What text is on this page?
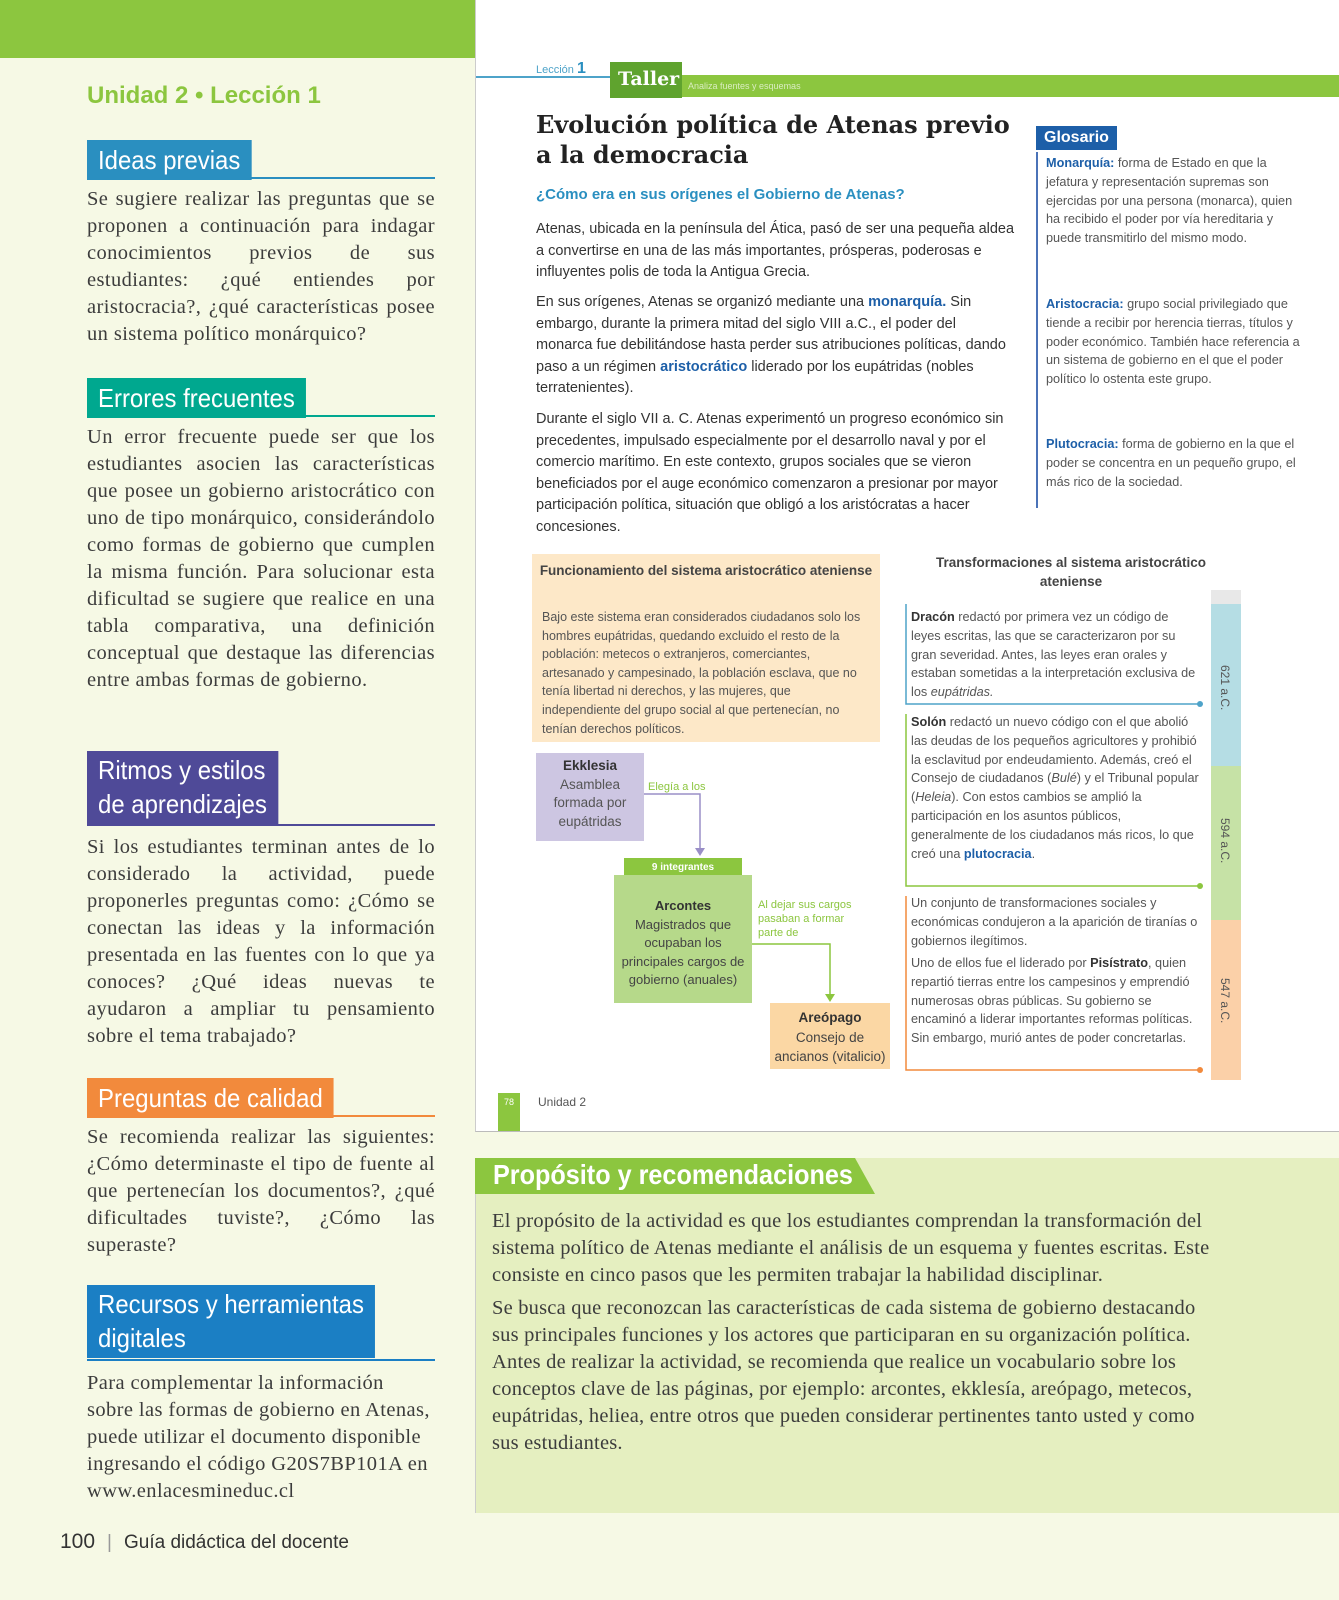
Unidad 2 • Lección 1
Ideas previas
Se sugiere realizar las preguntas que se proponen a continuación para indagar conocimientos previos de sus estudiantes: ¿qué entiendes por aristocracia?, ¿qué características posee un sistema político monárquico?
Errores frecuentes
Un error frecuente puede ser que los estudiantes asocien las características que posee un gobierno aristocrático con uno de tipo monárquico, considerándolo como formas de gobierno que cumplen la misma función. Para solucionar esta dificultad se sugiere que realice en una tabla comparativa, una definición conceptual que destaque las diferencias entre ambas formas de gobierno.
Ritmos y estilos
de aprendizajes
Si los estudiantes terminan antes de lo considerado la actividad, puede proponerles preguntas como: ¿Cómo se conectan las ideas y la información presentada en las fuentes con lo que ya conoces? ¿Qué ideas nuevas te ayudaron a ampliar tu pensamiento sobre el tema trabajado?
Preguntas de calidad
Se recomienda realizar las siguientes: ¿Cómo determinaste el tipo de fuente al que pertenecían los documentos?, ¿qué dificultades tuviste?, ¿Cómo las superaste?
Recursos y herramientas
digitales
Para complementar la información sobre las formas de gobierno en Atenas, puede utilizar el documento disponible ingresando el código G20S7BP101A en www.enlacesmineduc.cl
100 | Guía didáctica del docente
Lección 1	Taller Analiza fuentes y esquemas
Evolución política de Atenas previo a la democracia
¿Cómo era en sus orígenes el Gobierno de Atenas?
Atenas, ubicada en la península del Ática, pasó de ser una pequeña aldea a convertirse en una de las más importantes, prósperas, poderosas e influyentes polis de toda la Antigua Grecia.
En sus orígenes, Atenas se organizó mediante una monarquía. Sin embargo, durante la primera mitad del siglo VIII a.C., el poder del monarca fue debilitándose hasta perder sus atribuciones políticas, dando paso a un régimen aristocrático liderado por los eupátridas (nobles terratenientes).
Durante el siglo VII a. C. Atenas experimentó un progreso económico sin precedentes, impulsado especialmente por el desarrollo naval y por el comercio marítimo. En este contexto, grupos sociales que se vieron beneficiados por el auge económico comenzaron a presionar por mayor participación política, situación que obligó a los aristócratas a hacer concesiones.
Glosario
Monarquía: forma de Estado en que la jefatura y representación supremas son ejercidas por una persona (monarca), quien ha recibido el poder por vía hereditaria y puede transmitirlo del mismo modo.
Aristocracia: grupo social privilegiado que tiende a recibir por herencia tierras, títulos y poder económico. También hace referencia a un sistema de gobierno en el que el poder político lo ostenta este grupo.
Plutocracia: forma de gobierno en la que el poder se concentra en un pequeño grupo, el más rico de la sociedad.
Funcionamiento del sistema aristocrático ateniense
Bajo este sistema eran considerados ciudadanos solo los hombres eupátridas, quedando excluido el resto de la población: metecos o extranjeros, comerciantes, artesanado y campesinado, la población esclava, que no tenía libertad ni derechos, y las mujeres, que independiente del grupo social al que pertenecían, no tenían derechos políticos.
Ekklesia
Asamblea formada por eupátridas
Elegía a los
9 integrantes
Arcontes
Magistrados que ocupaban los principales cargos de gobierno (anuales)
Al dejar sus cargos pasaban a formar parte de
Areópago
Consejo de ancianos (vitalicio)
Transformaciones al sistema aristocrático ateniense
Dracón redactó por primera vez un código de leyes escritas, las que se caracterizaron por su gran severidad. Antes, las leyes eran orales y estaban sometidas a la interpretación exclusiva de los eupátridas.
Solón redactó un nuevo código con el que abolió las deudas de los pequeños agricultores y prohibió la esclavitud por endeudamiento. Además, creó el Consejo de ciudadanos (Bulé) y el Tribunal popular (Heleia). Con estos cambios se amplió la participación en los asuntos públicos, generalmente de los ciudadanos más ricos, lo que creó una plutocracia.
Un conjunto de transformaciones sociales y económicas condujeron a la aparición de tiranías o gobiernos ilegítimos.
Uno de ellos fue el liderado por Pisístrato, quien repartió tierras entre los campesinos y emprendió numerosas obras públicas. Su gobierno se encaminó a liderar importantes reformas políticas. Sin embargo, murió antes de poder concretarlas.
621 a.C.
594 a.C.
547 a.C.
78	Unidad 2
Propósito y recomendaciones
El propósito de la actividad es que los estudiantes comprendan la transformación del sistema político de Atenas mediante el análisis de un esquema y fuentes escritas. Este consiste en cinco pasos que les permiten trabajar la habilidad disciplinar.
Se busca que reconozcan las características de cada sistema de gobierno destacando sus principales funciones y los actores que participaran en su organización política. Antes de realizar la actividad, se recomienda que realice un vocabulario sobre los conceptos clave de las páginas, por ejemplo: arcontes, ekklesía, areópago, metecos, eupátridas, heliea, entre otros que pueden considerar pertinentes tanto usted y como sus estudiantes.
